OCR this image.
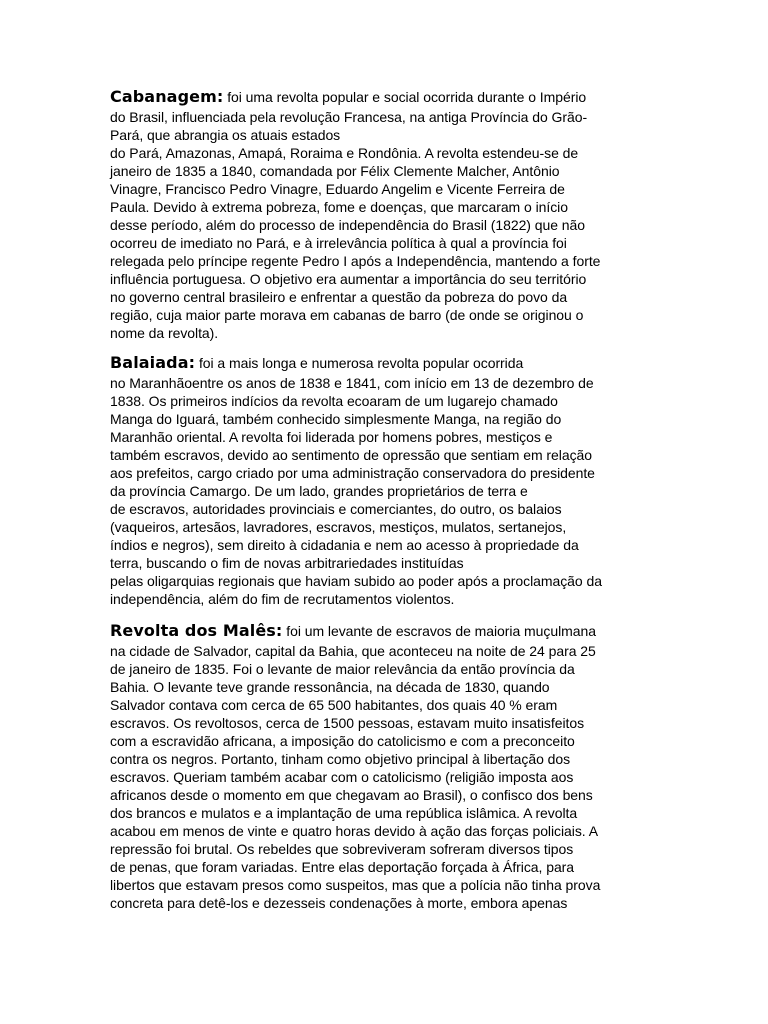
Cabanagem: foi uma revolta popular e social ocorrida durante o Império
do Brasil, influenciada pela revolução Francesa, na antiga Província do Grão-
Pará, que abrangia os atuais estados
do Pará, Amazonas, Amapá, Roraima e Rondônia. A revolta estendeu-se de
janeiro de 1835 a 1840, comandada por Félix Clemente Malcher, Antônio
Vinagre, Francisco Pedro Vinagre, Eduardo Angelim e Vicente Ferreira de
Paula. Devido à extrema pobreza, fome e doenças, que marcaram o início
desse período, além do processo de independência do Brasil (1822) que não
ocorreu de imediato no Pará, e à irrelevância política à qual a província foi
relegada pelo príncipe regente Pedro I após a Independência, mantendo a forte
influência portuguesa. O objetivo era aumentar a importância do seu território
no governo central brasileiro e enfrentar a questão da pobreza do povo da
região, cuja maior parte morava em cabanas de barro (de onde se originou o
nome da revolta).
Balaiada: foi a mais longa e numerosa revolta popular ocorrida
no Maranhãoentre os anos de 1838 e 1841, com início em 13 de dezembro de
1838. Os primeiros indícios da revolta ecoaram de um lugarejo chamado
Manga do Iguará, também conhecido simplesmente Manga, na região do
Maranhão oriental. A revolta foi liderada por homens pobres, mestiços e
também escravos, devido ao sentimento de opressão que sentiam em relação
aos prefeitos, cargo criado por uma administração conservadora do presidente
da província Camargo. De um lado, grandes proprietários de terra e
de escravos, autoridades provinciais e comerciantes, do outro, os balaios
(vaqueiros, artesãos, lavradores, escravos, mestiços, mulatos, sertanejos,
índios e negros), sem direito à cidadania e nem ao acesso à propriedade da
terra, buscando o fim de novas arbitrariedades instituídas
pelas oligarquias regionais que haviam subido ao poder após a proclamação da
independência, além do fim de recrutamentos violentos.
Revolta dos Malês: foi um levante de escravos de maioria muçulmana
na cidade de Salvador, capital da Bahia, que aconteceu na noite de 24 para 25
de janeiro de 1835. Foi o levante de maior relevância da então província da
Bahia. O levante teve grande ressonância, na década de 1830, quando
Salvador contava com cerca de 65 500 habitantes, dos quais 40 % eram
escravos. Os revoltosos, cerca de 1500 pessoas, estavam muito insatisfeitos
com a escravidão africana, a imposição do catolicismo e com a preconceito
contra os negros. Portanto, tinham como objetivo principal à libertação dos
escravos. Queriam também acabar com o catolicismo (religião imposta aos
africanos desde o momento em que chegavam ao Brasil), o confisco dos bens
dos brancos e mulatos e a implantação de uma república islâmica. A revolta
acabou em menos de vinte e quatro horas devido à ação das forças policiais. A
repressão foi brutal. Os rebeldes que sobreviveram sofreram diversos tipos
de penas, que foram variadas. Entre elas deportação forçada à África, para
libertos que estavam presos como suspeitos, mas que a polícia não tinha prova
concreta para detê-los e dezesseis condenações à morte, embora apenas
